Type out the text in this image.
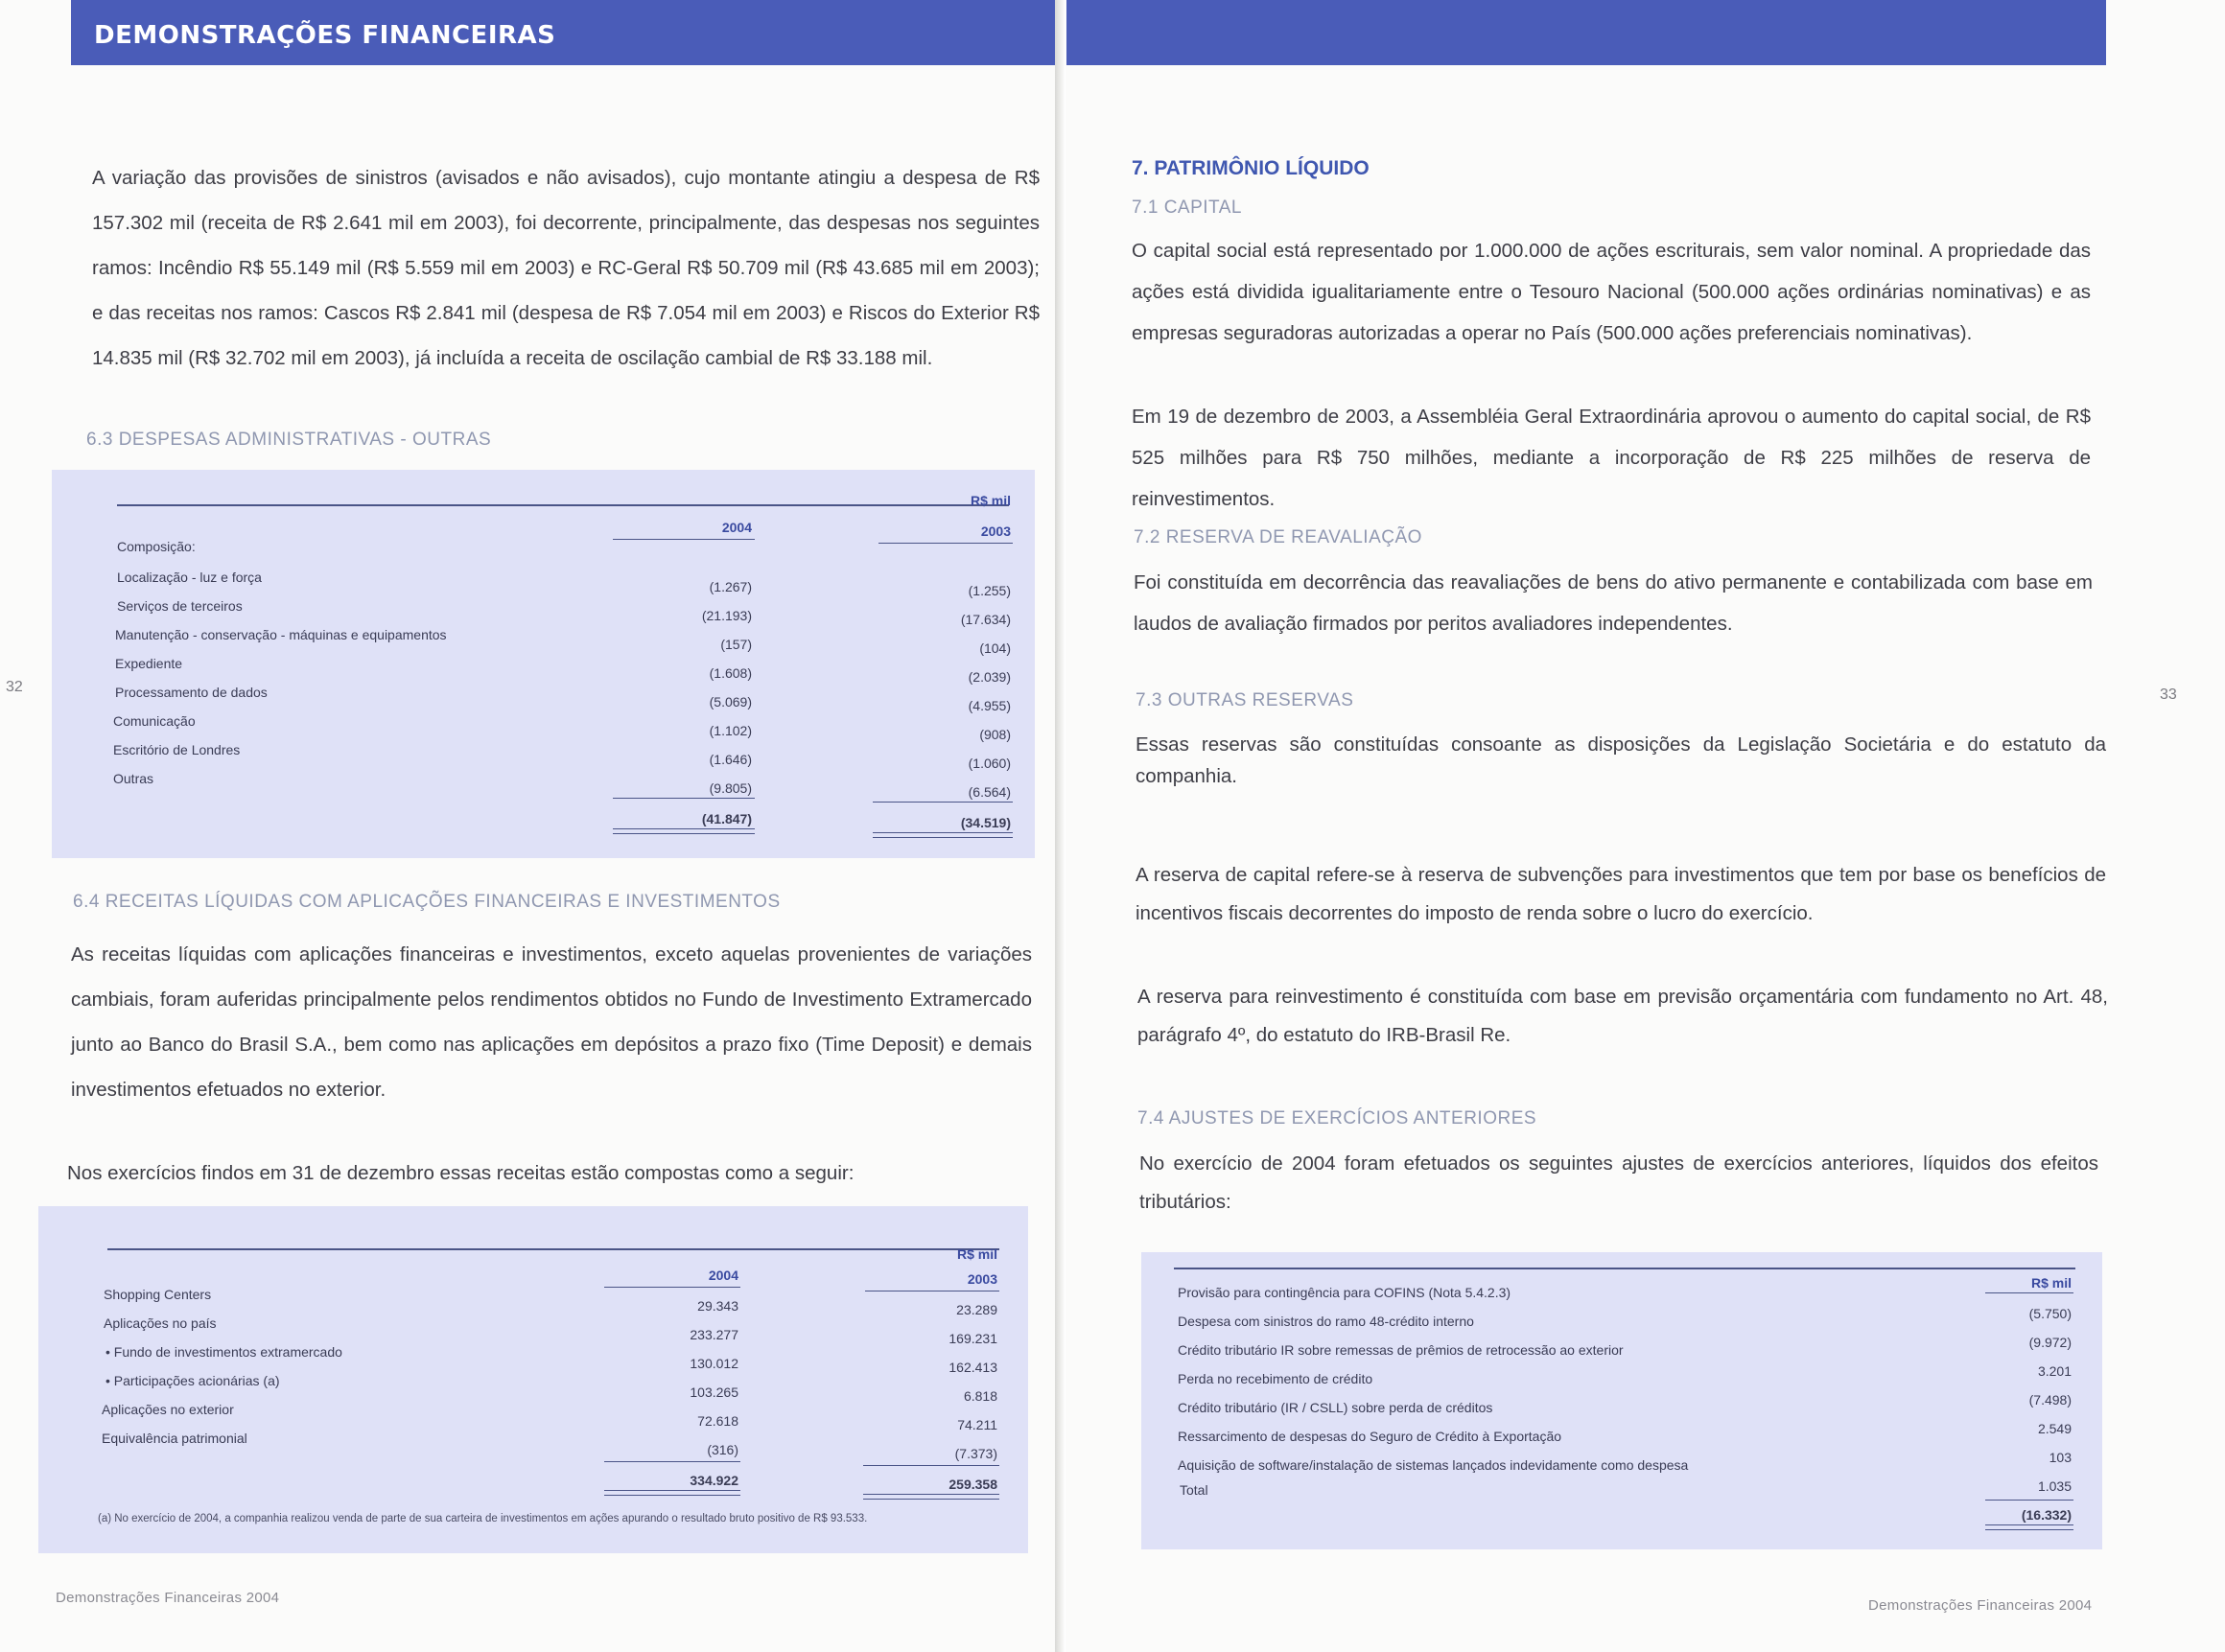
DEMONSTRAÇÕES FINANCEIRAS
A variação das provisões de sinistros (avisados e não avisados), cujo montante atingiu a despesa de R$ 157.302 mil (receita de R$ 2.641 mil em 2003), foi decorrente, principalmente, das despesas nos seguintes ramos: Incêndio R$ 55.149 mil (R$ 5.559 mil em 2003) e RC-Geral R$ 50.709 mil (R$ 43.685 mil em 2003); e das receitas nos ramos: Cascos R$ 2.841 mil (despesa de R$ 7.054 mil em 2003) e Riscos do Exterior R$ 14.835 mil (R$ 32.702 mil em 2003), já incluída a receita de oscilação cambial de R$ 33.188 mil.
6.3 DESPESAS ADMINISTRATIVAS - OUTRAS
R$ mil
2004	2003
Composição:
Localização - luz e força
(1.267)	(1.255)
Serviços de terceiros
(21.193)	(17.634)
Manutenção - conservação - máquinas e equipamentos
(157)	(104)
Expediente
(1.608)	(2.039)
Processamento de dados
(5.069)	(4.955)
Comunicação
(1.102)	(908)
Escritório de Londres
(1.646)	(1.060)
Outras
(9.805)	(6.564)
(41.847)	(34.519)
6.4 RECEITAS LÍQUIDAS COM APLICAÇÕES FINANCEIRAS E INVESTIMENTOS
As receitas líquidas com aplicações financeiras e investimentos, exceto aquelas provenientes de variações cambiais, foram auferidas principalmente pelos rendimentos obtidos no Fundo de Investimento Extramercado junto ao Banco do Brasil S.A., bem como nas aplicações em depósitos a prazo fixo (Time Deposit) e demais investimentos efetuados no exterior.
Nos exercícios findos em 31 de dezembro essas receitas estão compostas como a seguir:
R$ mil
2004	2003
Shopping Centers
29.343	23.289
Aplicações no país
233.277	169.231
• Fundo de investimentos extramercado
130.012	162.413
• Participações acionárias (a)
103.265	6.818
Aplicações no exterior
72.618	74.211
Equivalência patrimonial
(316)	(7.373)
334.922	259.358
(a) No exercício de 2004, a companhia realizou venda de parte de sua carteira de investimentos em ações apurando o resultado bruto positivo de R$ 93.533.
32
Demonstrações Financeiras 2004
7. PATRIMÔNIO LÍQUIDO
7.1 CAPITAL
O capital social está representado por 1.000.000 de ações escriturais, sem valor nominal. A propriedade das ações está dividida igualitariamente entre o Tesouro Nacional (500.000 ações ordinárias nominativas) e as empresas seguradoras autorizadas a operar no País (500.000 ações preferenciais nominativas).
Em 19 de dezembro de 2003, a Assembléia Geral Extraordinária aprovou o aumento do capital social, de R$ 525 milhões para R$ 750 milhões, mediante a incorporação de R$ 225 milhões de reserva de reinvestimentos.
7.2 RESERVA DE REAVALIAÇÃO
Foi constituída em decorrência das reavaliações de bens do ativo permanente e contabilizada com base em laudos de avaliação firmados por peritos avaliadores independentes.
7.3 OUTRAS RESERVAS
Essas reservas são constituídas consoante as disposições da Legislação Societária e do estatuto da companhia.
A reserva de capital refere-se à reserva de subvenções para investimentos que tem por base os benefícios de incentivos fiscais decorrentes do imposto de renda sobre o lucro do exercício.
A reserva para reinvestimento é constituída com base em previsão orçamentária com fundamento no Art. 48, parágrafo 4º, do estatuto do IRB-Brasil Re.
7.4 AJUSTES DE EXERCÍCIOS ANTERIORES
No exercício de 2004 foram efetuados os seguintes ajustes de exercícios anteriores, líquidos dos efeitos tributários:
R$ mil
Provisão para contingência para COFINS (Nota 5.4.2.3)
(5.750)
Despesa com sinistros do ramo 48-crédito interno
(9.972)
Crédito tributário IR sobre remessas de prêmios de retrocessão ao exterior
3.201
Perda no recebimento de crédito
(7.498)
Crédito tributário (IR / CSLL) sobre perda de créditos
2.549
Ressarcimento de despesas do Seguro de Crédito à Exportação
103
Aquisição de software/instalação de sistemas lançados indevidamente como despesa
1.035
Total
(16.332)
33
Demonstrações Financeiras 2004
